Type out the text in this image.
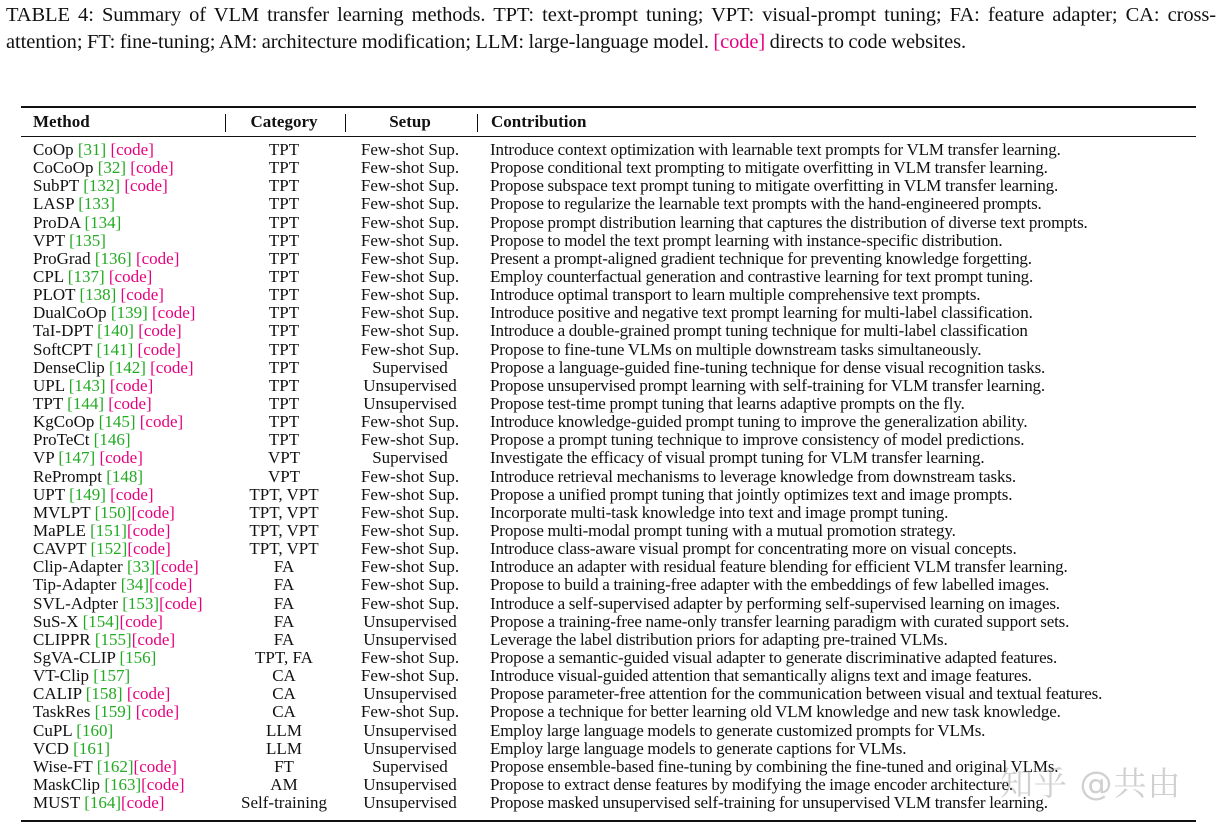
TABLE 4: Summary of VLM transfer learning methods. TPT: text-prompt tuning; VPT: visual-prompt tuning; FA: feature adapter; CA: cross-attention; FT: fine-tuning; AM: architecture modification; LLM: large-language model. [code] directs to code websites.
Method	Category	Setup	Contribution
CoOp [31] [code]	TPT	Few-shot Sup.	Introduce context optimization with learnable text prompts for VLM transfer learning.
CoCoOp [32] [code]	TPT	Few-shot Sup.	Propose conditional text prompting to mitigate overfitting in VLM transfer learning.
SubPT [132] [code]	TPT	Few-shot Sup.	Propose subspace text prompt tuning to mitigate overfitting in VLM transfer learning.
LASP [133]	TPT	Few-shot Sup.	Propose to regularize the learnable text prompts with the hand-engineered prompts.
ProDA [134]	TPT	Few-shot Sup.	Propose prompt distribution learning that captures the distribution of diverse text prompts.
VPT [135]	TPT	Few-shot Sup.	Propose to model the text prompt learning with instance-specific distribution.
ProGrad [136] [code]	TPT	Few-shot Sup.	Present a prompt-aligned gradient technique for preventing knowledge forgetting.
CPL [137] [code]	TPT	Few-shot Sup.	Employ counterfactual generation and contrastive learning for text prompt tuning.
PLOT [138] [code]	TPT	Few-shot Sup.	Introduce optimal transport to learn multiple comprehensive text prompts.
DualCoOp [139] [code]	TPT	Few-shot Sup.	Introduce positive and negative text prompt learning for multi-label classification.
TaI-DPT [140] [code]	TPT	Few-shot Sup.	Introduce a double-grained prompt tuning technique for multi-label classification
SoftCPT [141] [code]	TPT	Few-shot Sup.	Propose to fine-tune VLMs on multiple downstream tasks simultaneously.
DenseClip [142] [code]	TPT	Supervised	Propose a language-guided fine-tuning technique for dense visual recognition tasks.
UPL [143] [code]	TPT	Unsupervised	Propose unsupervised prompt learning with self-training for VLM transfer learning.
TPT [144] [code]	TPT	Unsupervised	Propose test-time prompt tuning that learns adaptive prompts on the fly.
KgCoOp [145] [code]	TPT	Few-shot Sup.	Introduce knowledge-guided prompt tuning to improve the generalization ability.
ProTeCt [146]	TPT	Few-shot Sup.	Propose a prompt tuning technique to improve consistency of model predictions.
VP [147] [code]	VPT	Supervised	Investigate the efficacy of visual prompt tuning for VLM transfer learning.
RePrompt [148]	VPT	Few-shot Sup.	Introduce retrieval mechanisms to leverage knowledge from downstream tasks.
UPT [149] [code]	TPT, VPT	Few-shot Sup.	Propose a unified prompt tuning that jointly optimizes text and image prompts.
MVLPT [150][code]	TPT, VPT	Few-shot Sup.	Incorporate multi-task knowledge into text and image prompt tuning.
MaPLE [151][code]	TPT, VPT	Few-shot Sup.	Propose multi-modal prompt tuning with a mutual promotion strategy.
CAVPT [152][code]	TPT, VPT	Few-shot Sup.	Introduce class-aware visual prompt for concentrating more on visual concepts.
Clip-Adapter [33][code]	FA	Few-shot Sup.	Introduce an adapter with residual feature blending for efficient VLM transfer learning.
Tip-Adapter [34][code]	FA	Few-shot Sup.	Propose to build a training-free adapter with the embeddings of few labelled images.
SVL-Adpter [153][code]	FA	Few-shot Sup.	Introduce a self-supervised adapter by performing self-supervised learning on images.
SuS-X [154][code]	FA	Unsupervised	Propose a training-free name-only transfer learning paradigm with curated support sets.
CLIPPR [155][code]	FA	Unsupervised	Leverage the label distribution priors for adapting pre-trained VLMs.
SgVA-CLIP [156]	TPT, FA	Few-shot Sup.	Propose a semantic-guided visual adapter to generate discriminative adapted features.
VT-Clip [157]	CA	Few-shot Sup.	Introduce visual-guided attention that semantically aligns text and image features.
CALIP [158] [code]	CA	Unsupervised	Propose parameter-free attention for the communication between visual and textual features.
TaskRes [159] [code]	CA	Few-shot Sup.	Propose a technique for better learning old VLM knowledge and new task knowledge.
CuPL [160]	LLM	Unsupervised	Employ large language models to generate customized prompts for VLMs.
VCD [161]	LLM	Unsupervised	Employ large language models to generate captions for VLMs.
Wise-FT [162][code]	FT	Supervised	Propose ensemble-based fine-tuning by combining the fine-tuned and original VLMs.
MaskClip [163][code]	AM	Unsupervised	Propose to extract dense features by modifying the image encoder architecture.
MUST [164][code]	Self-training	Unsupervised	Propose masked unsupervised self-training for unsupervised VLM transfer learning.
知乎 @共由
